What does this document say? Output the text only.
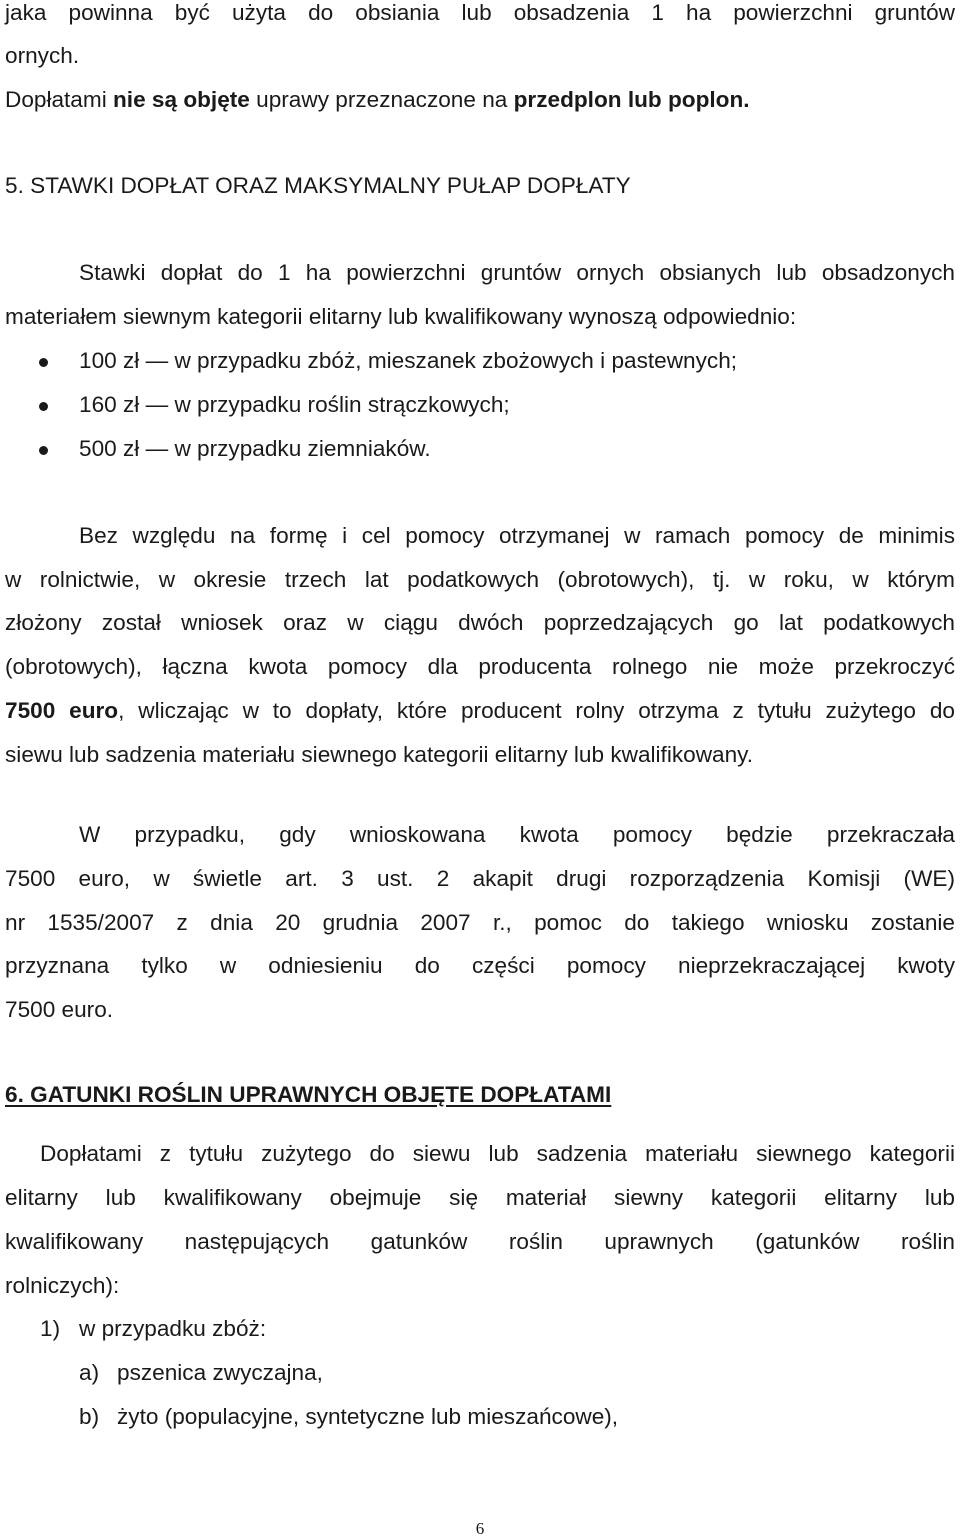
jaka powinna być użyta do obsiania lub obsadzenia 1 ha powierzchni gruntów
ornych.
Dopłatami nie są objęte uprawy przeznaczone na przedplon lub poplon.
5. STAWKI DOPŁAT ORAZ MAKSYMALNY PUŁAP DOPŁATY
Stawki dopłat do 1 ha powierzchni gruntów ornych obsianych lub obsadzonych
materiałem siewnym kategorii elitarny lub kwalifikowany wynoszą odpowiednio:
100 zł — w przypadku zbóż, mieszanek zbożowych i pastewnych;
160 zł — w przypadku roślin strączkowych;
500 zł — w przypadku ziemniaków.
Bez względu na formę i cel pomocy otrzymanej w ramach pomocy de minimis
w rolnictwie, w okresie trzech lat podatkowych (obrotowych), tj. w roku, w którym
złożony został wniosek oraz w ciągu dwóch poprzedzających go lat podatkowych
(obrotowych), łączna kwota pomocy dla producenta rolnego nie może przekroczyć
7500 euro, wliczając w to dopłaty, które producent rolny otrzyma z tytułu zużytego do
siewu lub sadzenia materiału siewnego kategorii elitarny lub kwalifikowany.
W przypadku, gdy wnioskowana kwota pomocy będzie przekraczała
7500 euro, w świetle art. 3 ust. 2 akapit drugi rozporządzenia Komisji (WE)
nr 1535/2007 z dnia 20 grudnia 2007 r., pomoc do takiego wniosku zostanie
przyznana tylko w odniesieniu do części pomocy nieprzekraczającej kwoty
7500 euro.
6. GATUNKI ROŚLIN UPRAWNYCH OBJĘTE DOPŁATAMI
Dopłatami z tytułu zużytego do siewu lub sadzenia materiału siewnego kategorii
elitarny lub kwalifikowany obejmuje się materiał siewny kategorii elitarny lub
kwalifikowany następujących gatunków roślin uprawnych (gatunków roślin
rolniczych):
1) w przypadku zbóż:
a) pszenica zwyczajna,
b) żyto (populacyjne, syntetyczne lub mieszańcowe),
6
